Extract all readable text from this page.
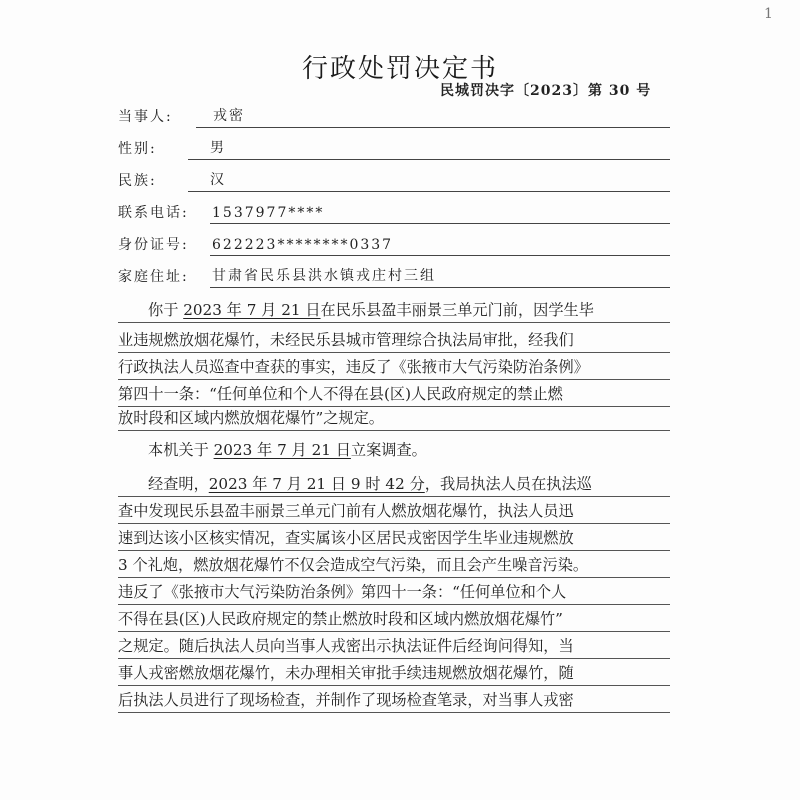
1
行政处罚决定书
民城罚决字〔2023〕第 30 号
当事人:	戎密
性别:	男
民族:	汉
联系电话: 1537977****
身份证号: 622223********0337
家庭住址: 甘肃省民乐县洪水镇戎庄村三组
你于 2023 年 7 月 21 日在民乐县盈丰丽景三单元门前，因学生毕
业违规燃放烟花爆竹，未经民乐县城市管理综合执法局审批，经我们
行政执法人员巡查中查获的事实，违反了《张掖市大气污染防治条例》
第四十一条：“任何单位和个人不得在县(区)人民政府规定的禁止燃
放时段和区域内燃放烟花爆竹”之规定。
本机关于 2023 年 7 月 21 日立案调查。
经查明，2023 年 7 月 21 日 9 时 42 分，我局执法人员在执法巡
查中发现民乐县盈丰丽景三单元门前有人燃放烟花爆竹，执法人员迅
速到达该小区核实情况，查实属该小区居民戎密因学生毕业违规燃放
3 个礼炮，燃放烟花爆竹不仅会造成空气污染，而且会产生噪音污染。
违反了《张掖市大气污染防治条例》第四十一条：“任何单位和个人
不得在县(区)人民政府规定的禁止燃放时段和区域内燃放烟花爆竹”
之规定。随后执法人员向当事人戎密出示执法证件后经询问得知，当
事人戎密燃放烟花爆竹，未办理相关审批手续违规燃放烟花爆竹，随
后执法人员进行了现场检查，并制作了现场检查笔录，对当事人戎密
